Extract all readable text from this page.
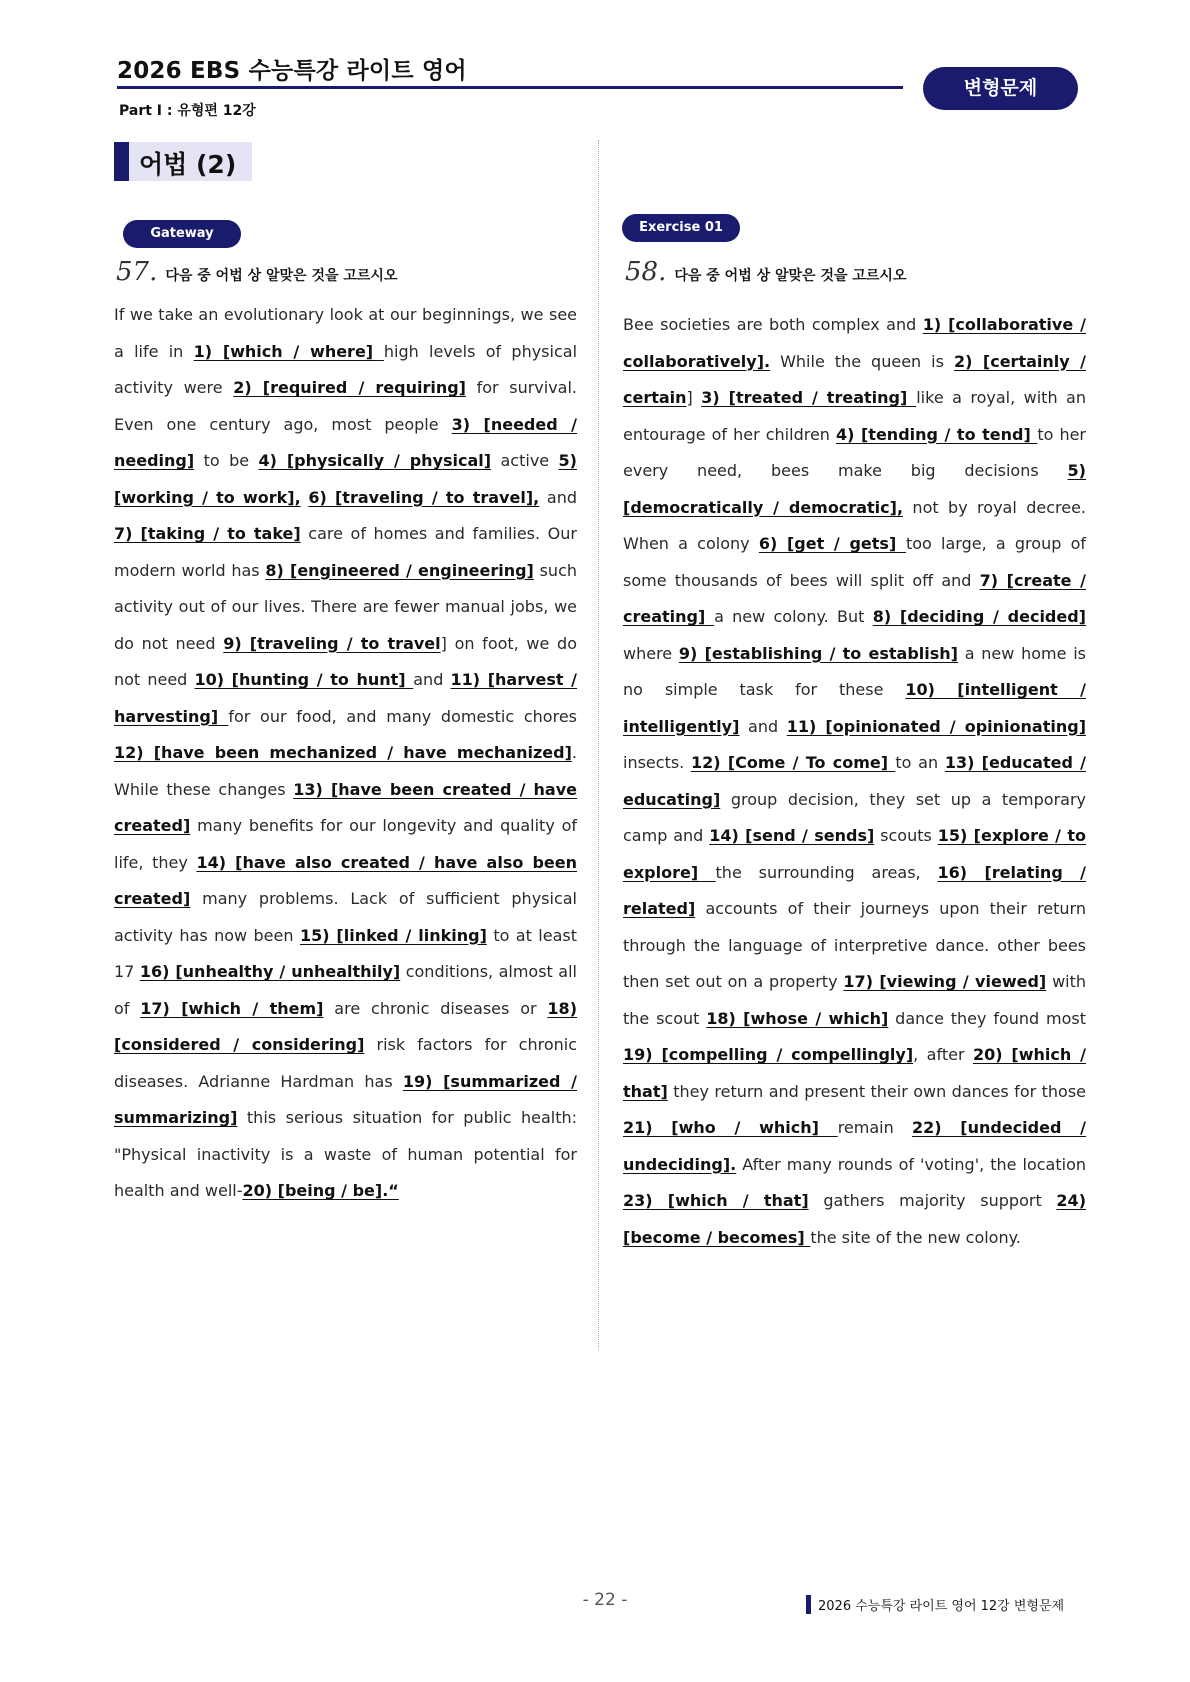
2026 EBS 수능특강 라이트 영어
Part Ⅰ : 유형편 12강
변형문제
어법 (2)
Gateway
57. 다음 중 어법 상 알맞은 것을 고르시오
If we take an evolutionary look at our beginnings, we see a life in 1) [which / where] high levels of physical activity were 2) [required / requiring] for survival. Even one century ago, most people 3) [needed / needing] to be 4) [physically / physical] active 5) [working / to work], 6) [traveling / to travel], and 7) [taking / to take] care of homes and families. Our modern world has 8) [engineered / engineering] such activity out of our lives. There are fewer manual jobs, we do not need 9) [traveling / to travel] on foot, we do not need 10) [hunting / to hunt] and 11) [harvest / harvesting] for our food, and many domestic chores 12) [have been mechanized / have mechanized]. While these changes 13) [have been created / have created] many benefits for our longevity and quality of life, they 14) [have also created / have also been created] many problems. Lack of sufficient physical activity has now been 15) [linked / linking] to at least 17 16) [unhealthy / unhealthily] conditions, almost all of 17) [which / them] are chronic diseases or 18) [considered / considering] risk factors for chronic diseases. Adrianne Hardman has 19) [summarized / summarizing] this serious situation for public health: "Physical inactivity is a waste of human potential for health and well-20) [being / be].“
Exercise 01
58. 다음 중 어법 상 알맞은 것을 고르시오
Bee societies are both complex and 1) [collaborative / collaboratively]. While the queen is 2) [certainly / certain] 3) [treated / treating] like a royal, with an entourage of her children 4) [tending / to tend] to her every need, bees make big decisions 5) [democratically / democratic], not by royal decree. When a colony 6) [get / gets] too large, a group of some thousands of bees will split off and 7) [create / creating] a new colony. But 8) [deciding / decided] where 9) [establishing / to establish] a new home is no simple task for these 10) [intelligent / intelligently] and 11) [opinionated / opinionating] insects. 12) [Come / To come] to an 13) [educated / educating] group decision, they set up a temporary camp and 14) [send / sends] scouts 15) [explore / to explore] the surrounding areas, 16) [relating / related] accounts of their journeys upon their return through the language of interpretive dance. other bees then set out on a property 17) [viewing / viewed] with the scout 18) [whose / which] dance they found most 19) [compelling / compellingly], after 20) [which / that] they return and present their own dances for those 21) [who / which] remain 22) [undecided / undeciding]. After many rounds of 'voting', the location 23) [which / that] gathers majority support 24) [become / becomes] the site of the new colony.
- 22 -	2026 수능특강 라이트 영어 12강 변형문제
